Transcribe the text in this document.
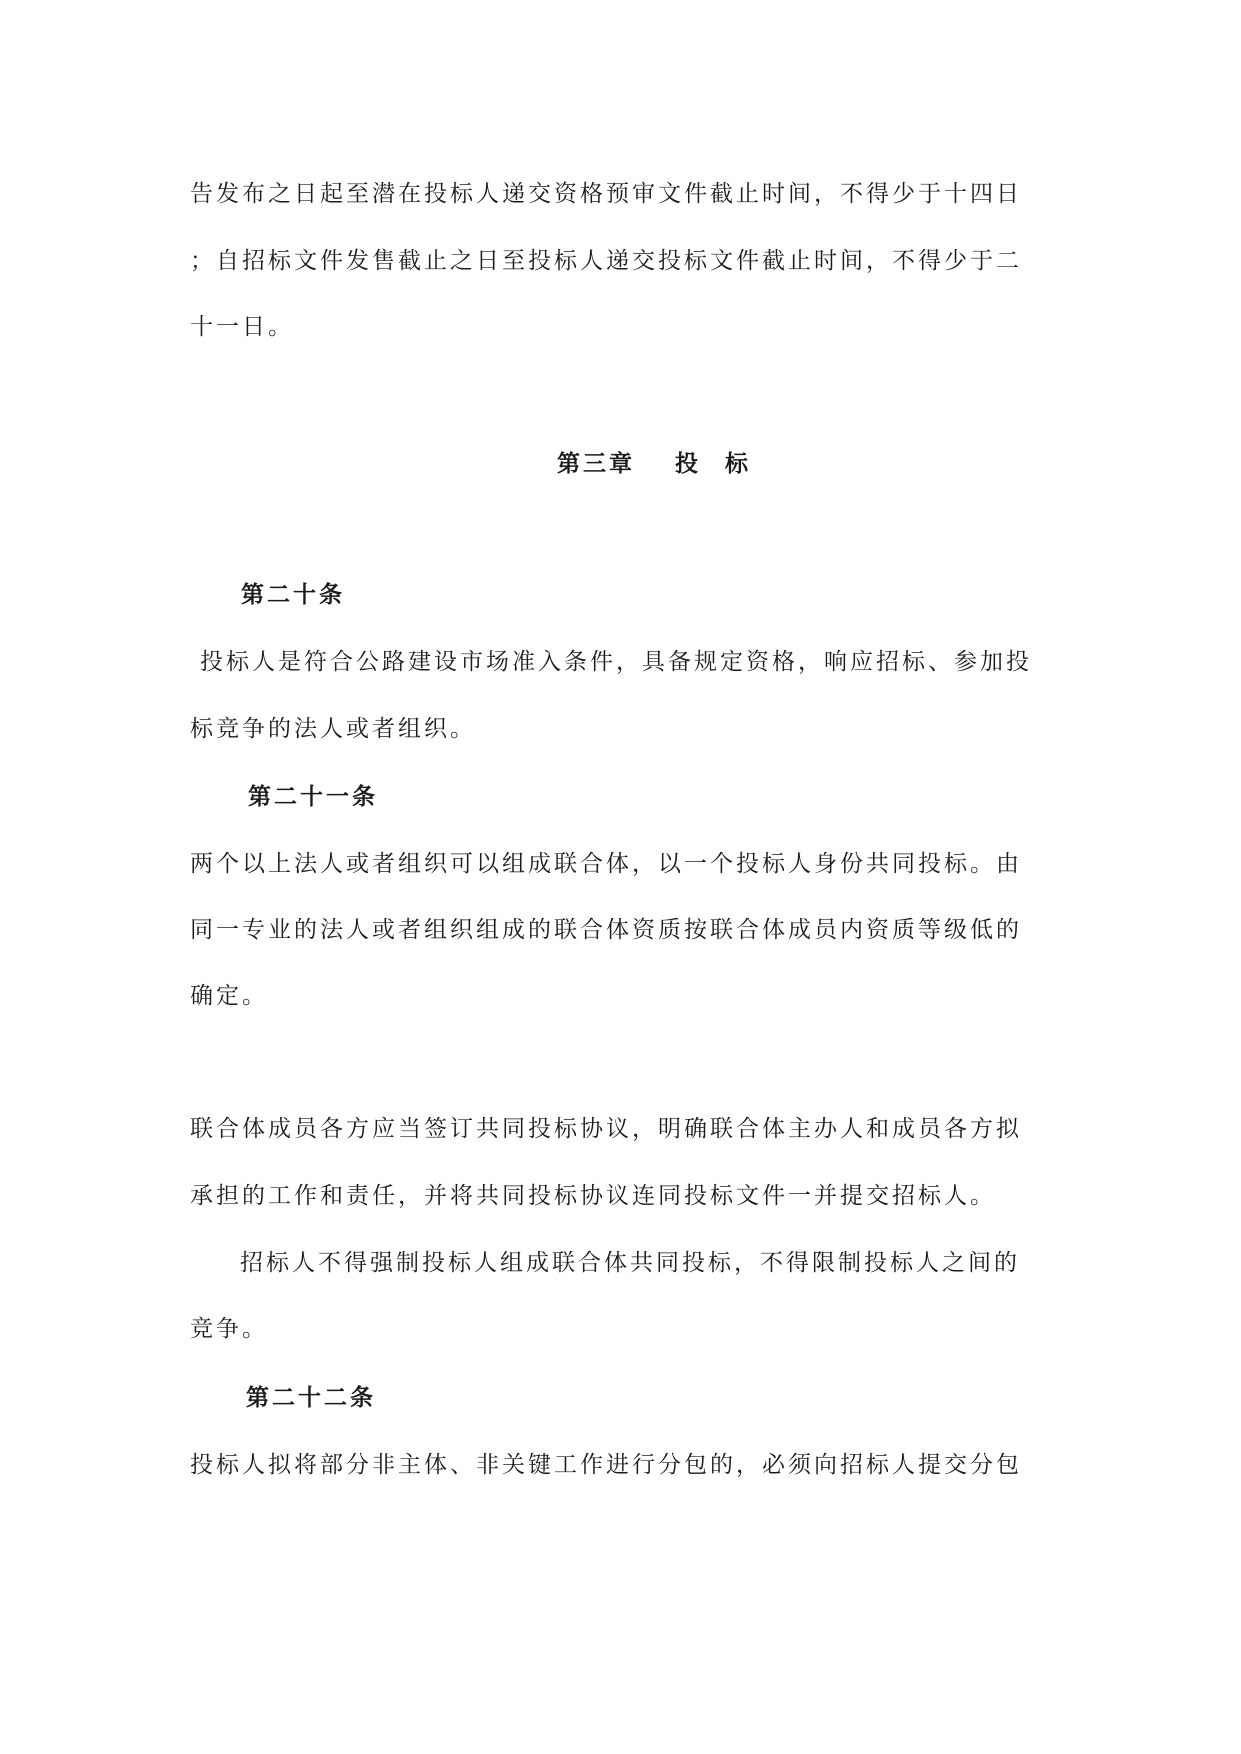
告发布之日起至潜在投标人递交资格预审文件截止时间，不得少于十四日
；自招标文件发售截止之日至投标人递交投标文件截止时间，不得少于二
十一日。
第三章 投 标
第二十条
投标人是符合公路建设市场准入条件，具备规定资格，响应招标、参加投
标竞争的法人或者组织。
第二十一条
两个以上法人或者组织可以组成联合体，以一个投标人身份共同投标。由
同一专业的法人或者组织组成的联合体资质按联合体成员内资质等级低的
确定。
联合体成员各方应当签订共同投标协议，明确联合体主办人和成员各方拟
承担的工作和责任，并将共同投标协议连同投标文件一并提交招标人。
招标人不得强制投标人组成联合体共同投标，不得限制投标人之间的
竞争。
第二十二条
投标人拟将部分非主体、非关键工作进行分包的，必须向招标人提交分包
